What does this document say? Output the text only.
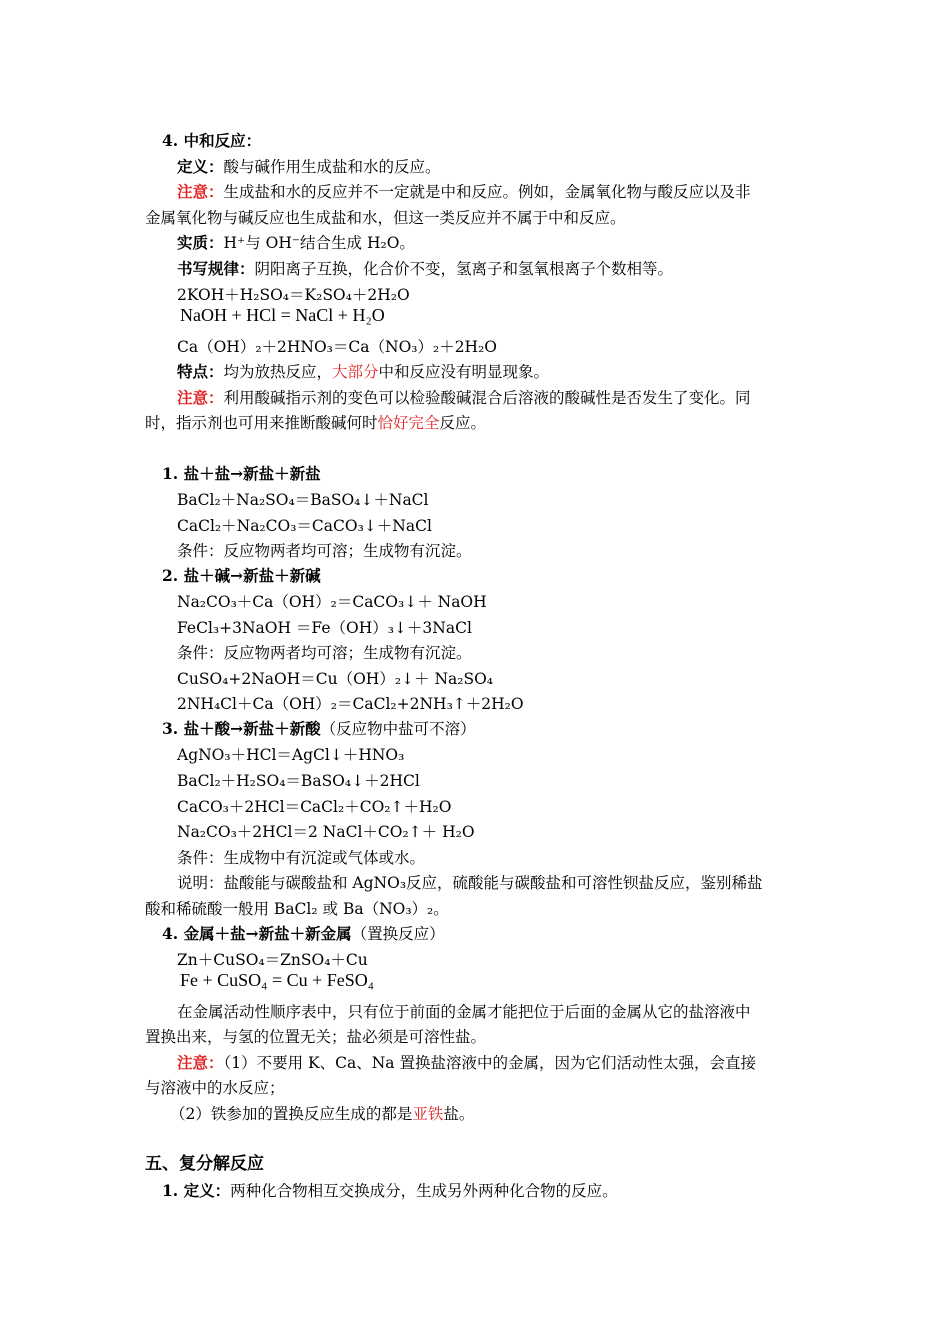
4. 中和反应：
定义：酸与碱作用生成盐和水的反应。
注意：生成盐和水的反应并不一定就是中和反应。例如，金属氧化物与酸反应以及非
金属氧化物与碱反应也生成盐和水，但这一类反应并不属于中和反应。
实质：H⁺与 OH⁻结合生成 H₂O。
书写规律：阴阳离子互换，化合价不变，氢离子和氢氧根离子个数相等。
2KOH＋H₂SO₄＝K₂SO₄＋2H₂O
NaOH + HCl = NaCl + H₂O
Ca（OH）₂＋2HNO₃＝Ca（NO₃）₂＋2H₂O
特点：均为放热反应，大部分中和反应没有明显现象。
注意：利用酸碱指示剂的变色可以检验酸碱混合后溶液的酸碱性是否发生了变化。同
时，指示剂也可用来推断酸碱何时恰好完全反应。
1. 盐＋盐→新盐＋新盐
BaCl₂＋Na₂SO₄＝BaSO₄↓＋NaCl
CaCl₂＋Na₂CO₃＝CaCO₃↓＋NaCl
条件：反应物两者均可溶；生成物有沉淀。
2. 盐＋碱→新盐＋新碱
Na₂CO₃＋Ca（OH）₂＝CaCO₃↓＋ NaOH
FeCl₃+3NaOH ＝Fe（OH）₃↓＋3NaCl
条件：反应物两者均可溶；生成物有沉淀。
CuSO₄+2NaOH＝Cu（OH）₂↓＋ Na₂SO₄
2NH₄Cl＋Ca（OH）₂＝CaCl₂+2NH₃↑＋2H₂O
3. 盐＋酸→新盐＋新酸（反应物中盐可不溶）
AgNO₃＋HCl＝AgCl↓＋HNO₃
BaCl₂＋H₂SO₄＝BaSO₄↓＋2HCl
CaCO₃＋2HCl＝CaCl₂＋CO₂↑＋H₂O
Na₂CO₃＋2HCl＝2 NaCl＋CO₂↑＋ H₂O
条件：生成物中有沉淀或气体或水。
说明：盐酸能与碳酸盐和 AgNO₃反应，硫酸能与碳酸盐和可溶性钡盐反应，鉴别稀盐
酸和稀硫酸一般用 BaCl₂ 或 Ba（NO₃）₂。
4. 金属＋盐→新盐＋新金属（置换反应）
Zn＋CuSO₄＝ZnSO₄＋Cu
Fe + CuSO₄ = Cu + FeSO₄
在金属活动性顺序表中，只有位于前面的金属才能把位于后面的金属从它的盐溶液中
置换出来，与氢的位置无关；盐必须是可溶性盐。
注意：（1）不要用 K、Ca、Na 置换盐溶液中的金属，因为它们活动性太强，会直接
与溶液中的水反应；
（2）铁参加的置换反应生成的都是亚铁盐。
五、复分解反应
1. 定义：两种化合物相互交换成分，生成另外两种化合物的反应。
